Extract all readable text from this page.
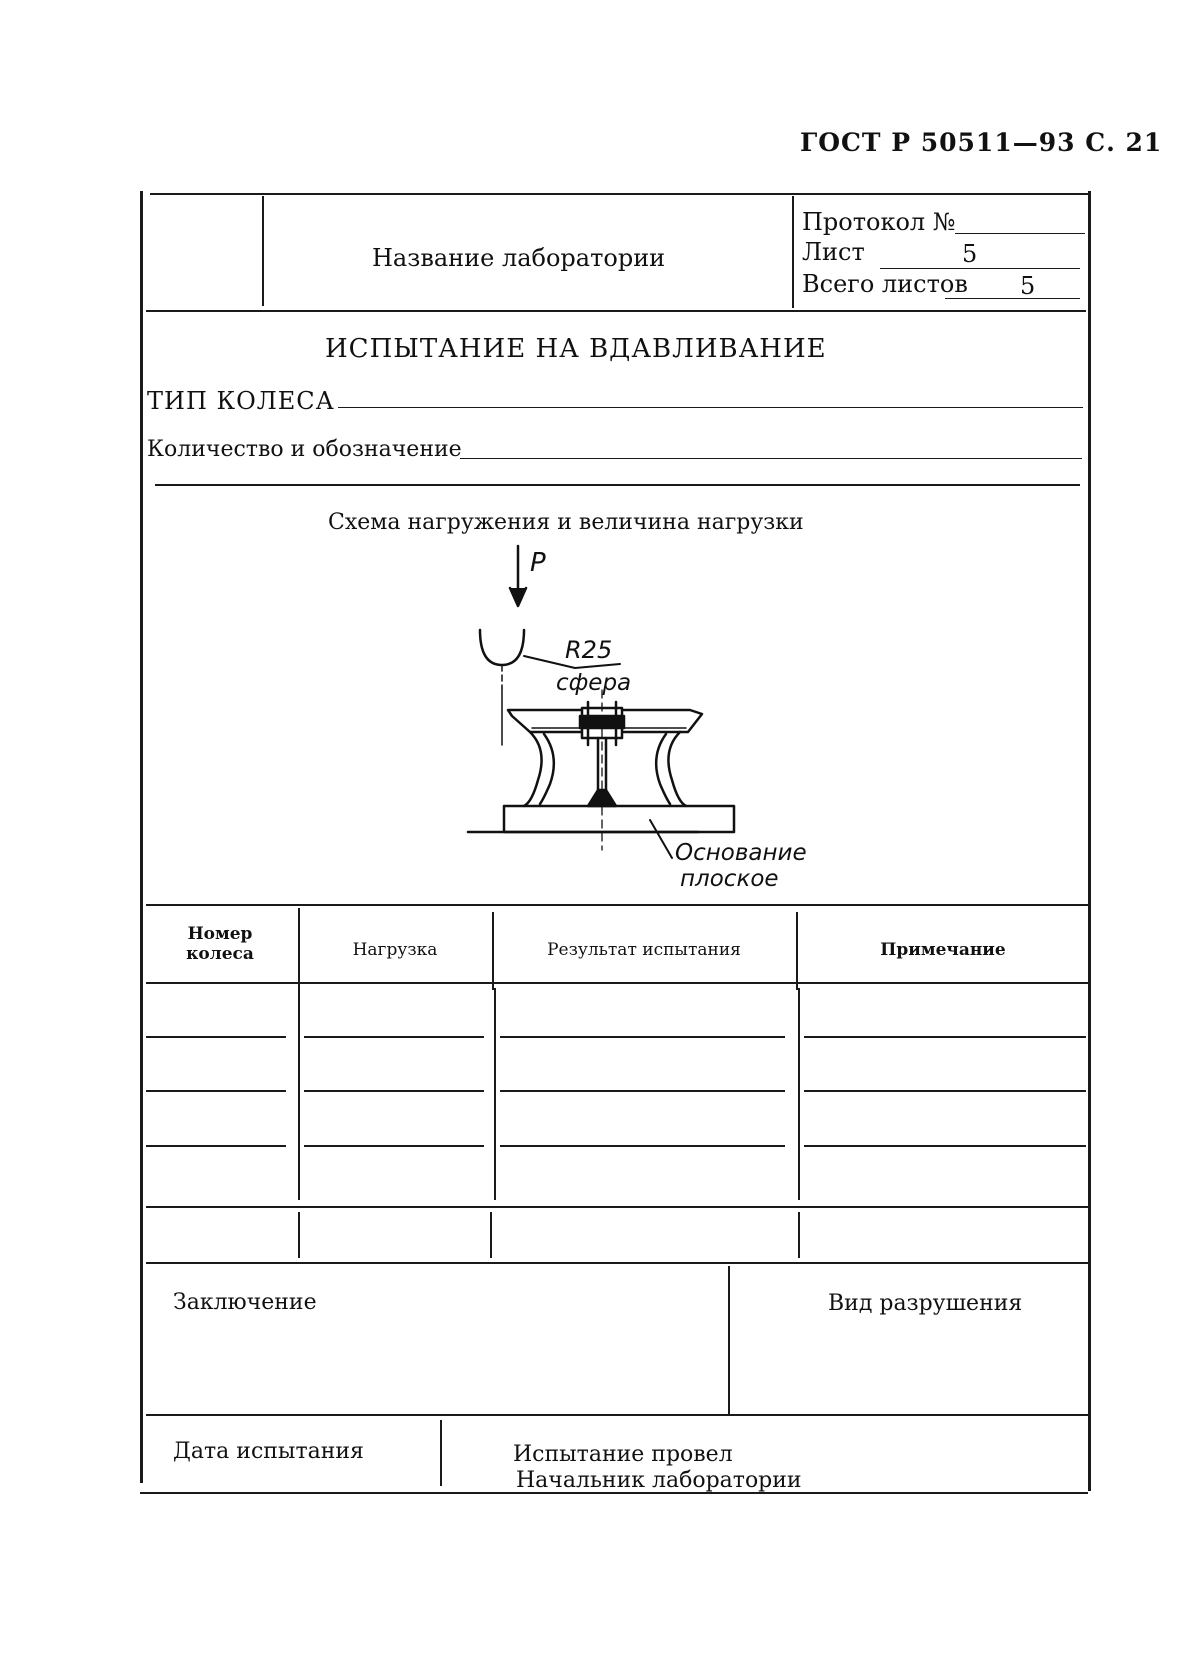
ГОСТ Р 50511—93 С. 21
Название лаборатории
Протокол №
Лист	5
Всего листов 5
ИСПЫТАНИЕ НА ВДАВЛИВАНИЕ
ТИП КОЛЕСА
Количество и обозначение
Схема нагружения и величина нагрузки
P
R25
сфера
Основание
плоское
Номер
колеса	Нагрузка	Результат испытания	Примечание
Заключение	Вид разрушения
Дата испытания	Испытание провел
Начальник лаборатории
